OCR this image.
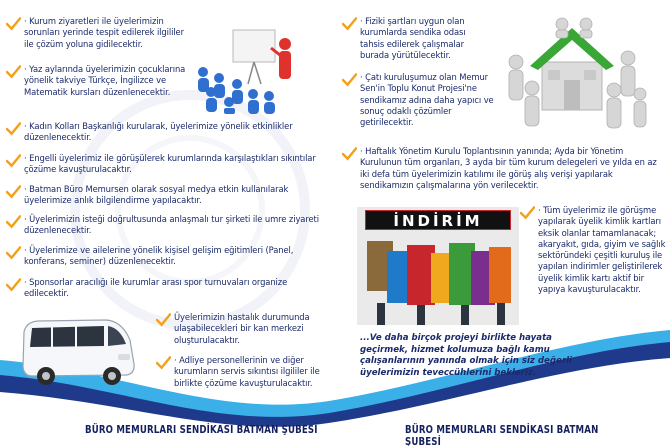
· Kurum ziyaretleri ile üyelerimizin sorunları yerinde tespit edilerek ilgililer ile çözüm yoluna gidilecektir.
· Yaz aylarında üyelerimizin çocuklarına yönelik takviye Türkçe, İngilizce ve Matematik kursları düzenlenecektir.
· Kadın Kolları Başkanlığı kurularak, üyelerimize yönelik etkinlikler düzenlenecektir.
· Engelli üyelerimiz ile görüşülerek kurumlarında karşılaştıkları sıkıntılar çözüme kavuşturulacaktır.
· Batman Büro Memursen olarak sosyal medya etkin kullanılarak üyelerimize anlık bilgilendirme yapılacaktır.
· Üyelerimizin isteği doğrultusunda anlaşmalı tur şirketi ile umre ziyareti düzenlenecektir.
· Üyelerimize ve ailelerine yönelik kişisel gelişim eğitimleri (Panel, konferans, seminer) düzenlenecektir.
· Sponsorlar aracılığı ile kurumlar arası spor turnuvaları organize edilecektir.
Üyelerimizin hastalık durumunda ulaşabilecekleri bir kan merkezi oluşturulacaktır.
· Adliye personellerinin ve diğer kurumların servis sıkıntısı ilgililer ile birlikte çözüme kavuşturulacaktır.
· Fiziki şartları uygun olan kurumlarda sendika odası tahsis edilerek çalışmalar burada yürütülecektir.
· Çatı kuruluşumuz olan Memur Sen'in Toplu Konut Projesi'ne sendikamız adına daha yapıcı ve sonuç odaklı çözümler getirilecektir.
· Haftalık Yönetim Kurulu Toplantısının yanında; Ayda bir Yönetim Kurulunun tüm organları, 3 ayda bir tüm kurum delegeleri ve yılda en az iki defa tüm üyelerimizin katılımı ile görüş alış verişi yapılarak sendikamızın çalışmalarına yön verilecektir.
İNDİRİM
· Tüm üyelerimiz ile görüşme yapılarak üyelik kimlik kartları eksik olanlar tamamlanacak; akaryakıt, gıda, giyim ve sağlık sektöründeki çeşitli kuruluş ile yapılan indirimler geliştirilerek üyelik kimlik kartı aktif bir yapıya kavuşturulacaktır.
...Ve daha birçok projeyi birlikte hayata geçirmek, hizmet kolumuza bağlı kamu çalışanlarının yanında olmak için siz değerli üyelerimizin teveccühlerini bekleriz.
BÜRO MEMURLARI SENDİKASI BATMAN ŞUBESİ	BÜRO MEMURLARI SENDİKASI BATMAN ŞUBESİ
